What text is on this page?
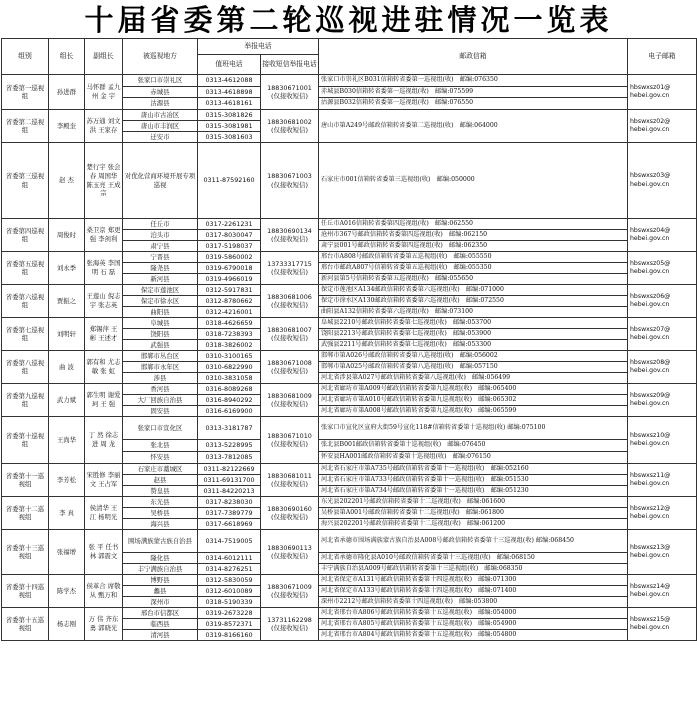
十届省委第二轮巡视进驻情况一览表
组别	组长	副组长	被巡视地方	举报电话		邮政信箱	电子邮箱
				值班电话	接收短信举报电话		
省委第一巡视组	孙进群	马怀群 孟九州 金 宇	张家口市崇礼区	0313-4612088	18830671001 (仅接收短信)	张家口市崇礼区B031信箱转省委第一巡视组(收)　邮编:076350	hbswxsz01@ hebei.gov.cn
			赤城县	0313-4618898		赤城县B030信箱转省委第一巡视组(收)　邮编:075599	
			沽源县	0313-4618161		沽源县B032信箱转省委第一巡视组(收)　邮编:076550	
省委第二巡视组	李殿奎	苏万通 刘文洪 王家存	唐山市古冶区	0315-3081826	18830681002 (仅接收短信)	唐山市第A249号邮政信箱转省委第二巡视组(收)　邮编:064000	hbswxsz02@ hebei.gov.cn
			唐山市丰润区	0315-3081981			
			迁安市	0315-3081603			
省委第三巡视组	赵 杰	楚行宇 张会春 周国华 陈玉亮 王成宗	对优化营商环境开展专项巡视	0311-87592160	18830671003 (仅接收短信)	石家庄市001信箱转省委第三巡视组(收)　邮编:050000	hbswxsz03@ hebei.gov.cn
省委第四巡视组	周俊时	桑卫京 郑更强 李剑利	任丘市	0317-2261231	18830690134 (仅接收短信)	任丘市A016信箱转省委第四巡视组(收)　邮编:062550	hbswxsz04@ hebei.gov.cn
			泊头市	0317-8030047		沧州市367号邮政信箱转省委第四巡视组(收)　邮编:062150	
			肃宁县	0317-5198037		肃宁县001号邮政信箱转省委第四巡视组(收)　邮编:062350	
省委第五巡视组	刘永季	张海英 李国明 石 磊	宁晋县	0319-5860002	13733317715 (仅接收短信)	邢台市A808号邮政信箱转省委第五巡视组(收)　邮编:055550	hbswxsz05@ hebei.gov.cn
			隆尧县	0319-6790018		邢台市邮政A807号信箱转省委第五巡视组(收)　邮编:055350	
			新河县	0319-4966019		新河县第5号信箱转省委第五巡视组(收)　邮编:055650	
省委第六巡视组	贾振之	王莲山 倪志宇 张志英	保定市莲池区	0312-5917831	18830681006 (仅接收短信)	保定市莲池区A134邮政信箱转省委第六巡视组(收)　邮编:071000	hbswxsz06@ hebei.gov.cn
			保定市徐水区	0312-8780662		保定市徐水区A130邮政信箱转省委第六巡视组(收)　邮编:072550	
			曲阳县	0312-4216001		曲阳县A132信箱转省委第六巡视组(收)　邮编:073100	
省委第七巡视组	刘明轩	郑锡萍 王 彬 王述才	阜城县	0318-4626659	18830681007 (仅接收短信)	阜城县2210号邮政信箱转省委第七巡视组(收)　邮编:053700	hbswxsz07@ hebei.gov.cn
			饶阳县	0318-7238393		饶阳县2213号邮政信箱转省委第七巡视组(收)　邮编:053900	
			武强县	0318-3826002		武强县2211号邮政信箱转省委第七巡视组(收)　邮编:053300	
省委第八巡视组	曲 波	郭有和 尤志敏 张 虹	邯郸市丛台区	0310-3100165	18830671008 (仅接收短信)	邯郸市第A026号邮政信箱转省委第八巡视组(收)　邮编:056002	hbswxsz08@ hebei.gov.cn
			邯郸市永年区	0310-6822990		邯郸市第A025号邮政信箱转省委第八巡视组(收)　邮编:057150	
			涉县	0310-3831058		河北省涉县第A027号邮政信箱转省委第八巡视组(收)　邮编:056499	
省委第九巡视组	武力斌	郭生明 谢爱珂 王 强	香河县	0316-8089268	18830681009 (仅接收短信)	河北省廊坊市第A009号邮政信箱转省委第九巡视组(收)　邮编:065400	hbswxsz09@ hebei.gov.cn
			大厂回族自治县	0316-8940292		河北省廊坊市第A010号邮政信箱转省委第九巡视组(收)　邮编:065302	
			固安县	0316-6169900		河北省廊坊市第A008号邮政信箱转省委第九巡视组(收)　邮编:065599	
省委第十巡视组	王尚华	丁 然 徐志进 周 龙	张家口市宣化区	0313-3181787	18830671010 (仅接收短信)	张家口市宣化区宣府大街59号宣化118#信箱转省委第十巡视组(收) 邮编:075100	hbswxsz10@ hebei.gov.cn
			张北县	0313-5228995		张北县B001邮政信箱转省委第十巡视组(收)　邮编:076450	
			怀安县	0313-7812085		怀安县HA001邮政信箱转省委第十巡视组(收)　邮编:076150	
省委第十一巡视组	李芳松	宋胜修 李丽文 王占军	石家庄市藁城区	0311-82122669	18830681011 (仅接收短信)	河北省石家庄市第A735号邮政信箱转省委第十一巡视组(收)　邮编:052160	hbswxsz11@ hebei.gov.cn
			赵县	0311-69131700		河北省石家庄市第A733号邮政信箱转省委第十一巡视组(收)　邮编:051530	
			赞皇县	0311-84220213		河北省石家庄市第A734号邮政信箱转省委第十一巡视组(收)　邮编:051230	
省委第十二巡视组	李 真	侯清华 王 江 杨明光	东光县	0317-8238030	18830690160 (仅接收短信)	东光县202201号邮政信箱转省委第十二巡视组(收)　邮编:061600	hbswxsz12@ hebei.gov.cn
			吴桥县	0317-7389779		吴桥县第A001号邮政信箱转省委第十二巡视组(收)　邮编:061800	
			海兴县	0317-6618969		海兴县202201号邮政信箱转省委第十二巡视组(收)　邮编:061200	
省委第十三巡视组	张福增	张 平 任书林 郭震文	围场满族蒙古族自治县	0314-7519005	18830690113 (仅接收短信)	河北省承德市围场满族蒙古族自治县A008号邮政信箱转省委第十三巡视组(收) 邮编:068450	hbswxsz13@ hebei.gov.cn
			隆化县	0314-6012111		河北省承德市隆化县A010号邮政信箱转省委第十三巡视组(收)　邮编:068150	
			丰宁满族自治县	0314-8276251		丰宁满族自治县A009号邮政信箱转省委第十三巡视组(收)　邮编:068350	
省委第十四巡视组	陈学杰	侯革合 席敬从 甄万和	博野县	0312-5830059	18830671009 (仅接收短信)	河北省保定市A131号邮政信箱转省委第十四巡视组(收)　邮编:071300	hbswxsz14@ hebei.gov.cn
			蠡县	0312-6010089		河北省保定市A133号邮政信箱转省委第十四巡视组(收)　邮编:071400	
			深州市	0318-5190339		深州市2212号邮政信箱转省委第十四巡视组(收)　邮编:053800	
省委第十五巡视组	杨志刚	万 伟 齐东勇 郭晓光	邢台市信都区	0319-2673228	13731162298 (仅接收短信)	河北省邢台市A806号邮政信箱转省委第十五巡视组(收)　邮编:054000	hbswxsz15@ hebei.gov.cn
			临西县	0319-8572371		河北省邢台市A805号邮政信箱转省委第十五巡视组(收)　邮编:054900	
			清河县	0319-8166160		河北省邢台市A804号邮政信箱转省委第十五巡视组(收)　邮编:054800	
